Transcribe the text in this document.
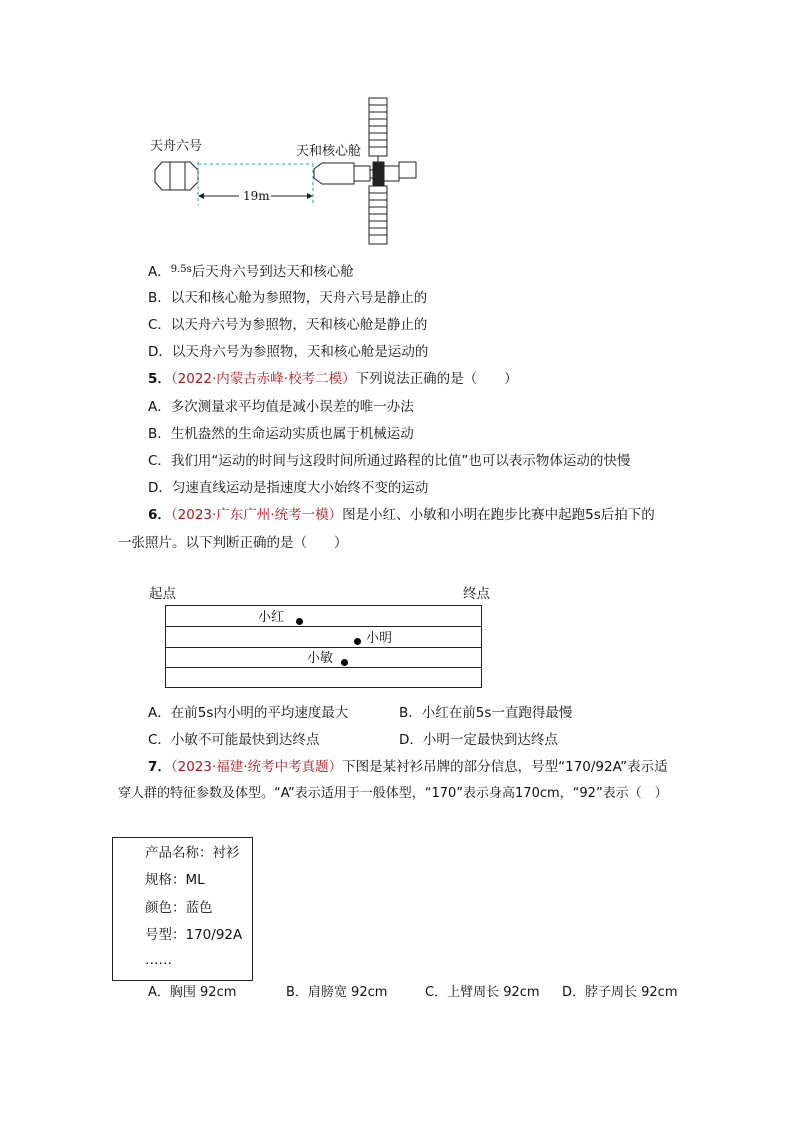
天舟六号	天和核心舱
19m
A．$^{9.5s}$后天舟六号到达天和核心舱
B．以天和核心舱为参照物，天舟六号是静止的
C．以天舟六号为参照物，天和核心舱是静止的
D．以天舟六号为参照物，天和核心舱是运动的
5．（2022·内蒙古赤峰·校考二模）下列说法正确的是（　　）
A．多次测量求平均值是减小误差的唯一办法
B．生机盎然的生命运动实质也属于机械运动
C．我们用“运动的时间与这段时间所通过路程的比值”也可以表示物体运动的快慢
D．匀速直线运动是指速度大小始终不变的运动
6．（2023·广东广州·统考一模）图是小红、小敏和小明在跑步比赛中起跑5s后拍下的
一张照片。以下判断正确的是（　　）
起点	终点
小红
小明
小敏
A．在前5s内小明的平均速度最大	B．小红在前5s一直跑得最慢
C．小敏不可能最快到达终点	D．小明一定最快到达终点
7．（2023·福建·统考中考真题）下图是某衬衫吊牌的部分信息，号型“170/92A”表示适
穿人群的特征参数及体型。“A”表示适用于一般体型，“170”表示身高170cm，“92”表示（　）
产品名称：衬衫
规格：ML
颜色：蓝色
号型：170/92A
……
A．胸围 92cm	B．肩膀宽 92cm	C．上臂周长 92cm D．脖子周长 92cm
